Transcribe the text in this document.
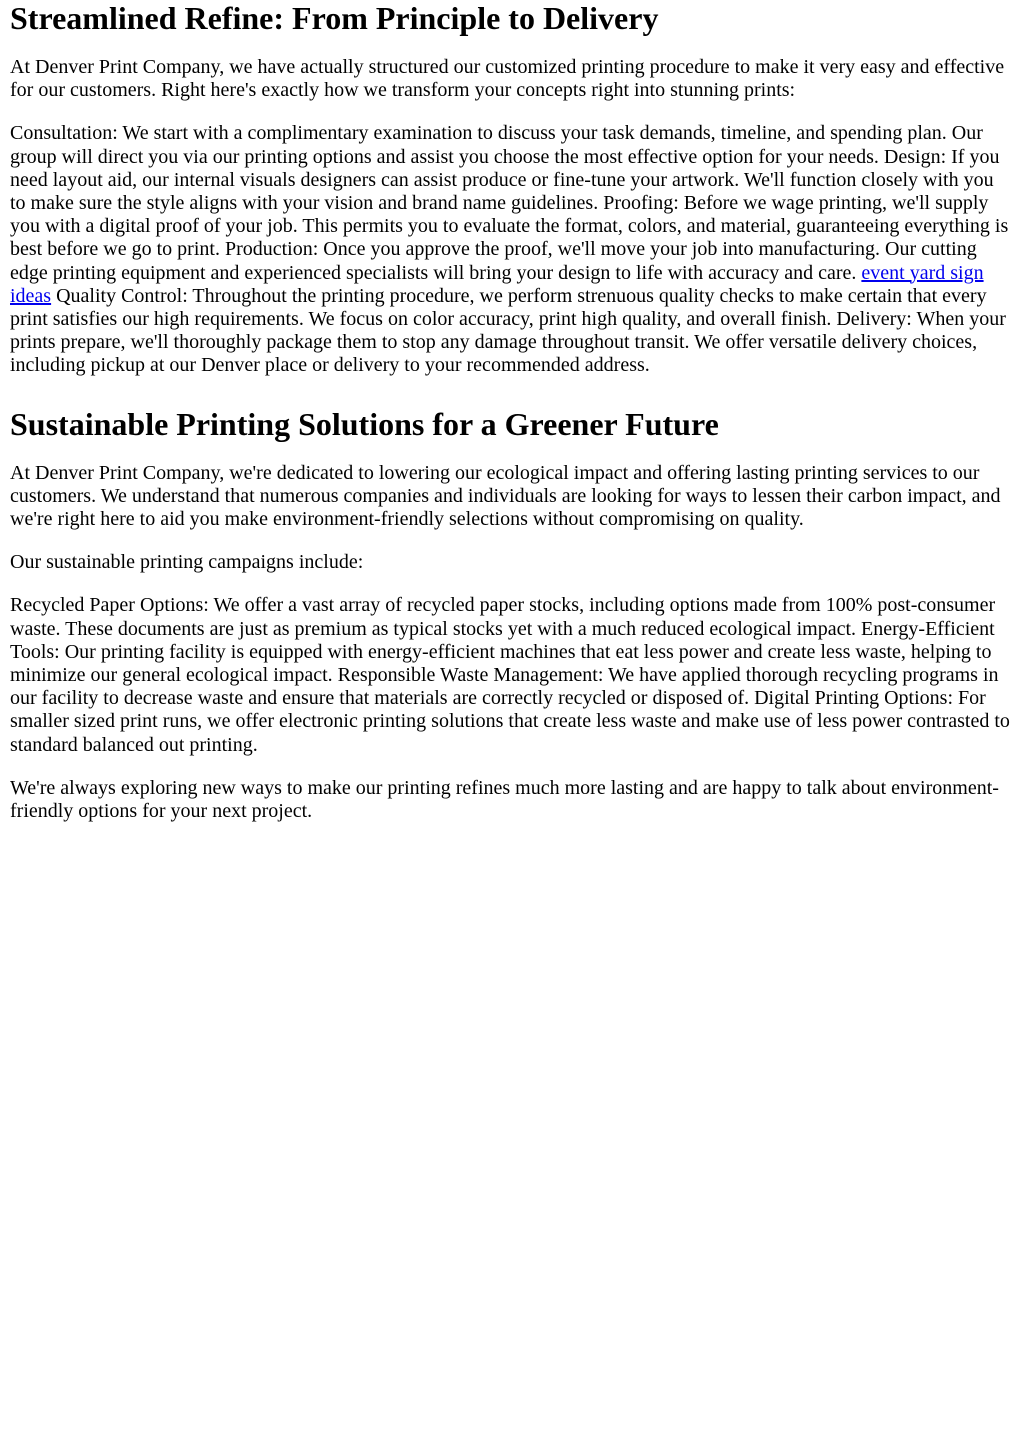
Streamlined Refine: From Principle to Delivery

At Denver Print Company, we have actually structured our customized printing procedure to make it very easy and effective for our customers. Right here's exactly how we transform your concepts right into stunning prints:

Consultation: We start with a complimentary examination to discuss your task demands, timeline, and spending plan. Our group will direct you via our printing options and assist you choose the most effective option for your needs. Design: If you need layout aid, our internal visuals designers can assist produce or fine-tune your artwork. We'll function closely with you to make sure the style aligns with your vision and brand name guidelines. Proofing: Before we wage printing, we'll supply you with a digital proof of your job. This permits you to evaluate the format, colors, and material, guaranteeing everything is best before we go to print. Production: Once you approve the proof, we'll move your job into manufacturing. Our cutting edge printing equipment and experienced specialists will bring your design to life with accuracy and care. event yard sign ideas Quality Control: Throughout the printing procedure, we perform strenuous quality checks to make certain that every print satisfies our high requirements. We focus on color accuracy, print high quality, and overall finish. Delivery: When your prints prepare, we'll thoroughly package them to stop any damage throughout transit. We offer versatile delivery choices, including pickup at our Denver place or delivery to your recommended address.

Sustainable Printing Solutions for a Greener Future

At Denver Print Company, we're dedicated to lowering our ecological impact and offering lasting printing services to our customers. We understand that numerous companies and individuals are looking for ways to lessen their carbon impact, and we're right here to aid you make environment-friendly selections without compromising on quality.

Our sustainable printing campaigns include:

Recycled Paper Options: We offer a vast array of recycled paper stocks, including options made from 100% post-consumer waste. These documents are just as premium as typical stocks yet with a much reduced ecological impact. Energy-Efficient Tools: Our printing facility is equipped with energy-efficient machines that eat less power and create less waste, helping to minimize our general ecological impact. Responsible Waste Management: We have applied thorough recycling programs in our facility to decrease waste and ensure that materials are correctly recycled or disposed of. Digital Printing Options: For smaller sized print runs, we offer electronic printing solutions that create less waste and make use of less power contrasted to standard balanced out printing.

We're always exploring new ways to make our printing refines much more lasting and are happy to talk about environment-friendly options for your next project.
